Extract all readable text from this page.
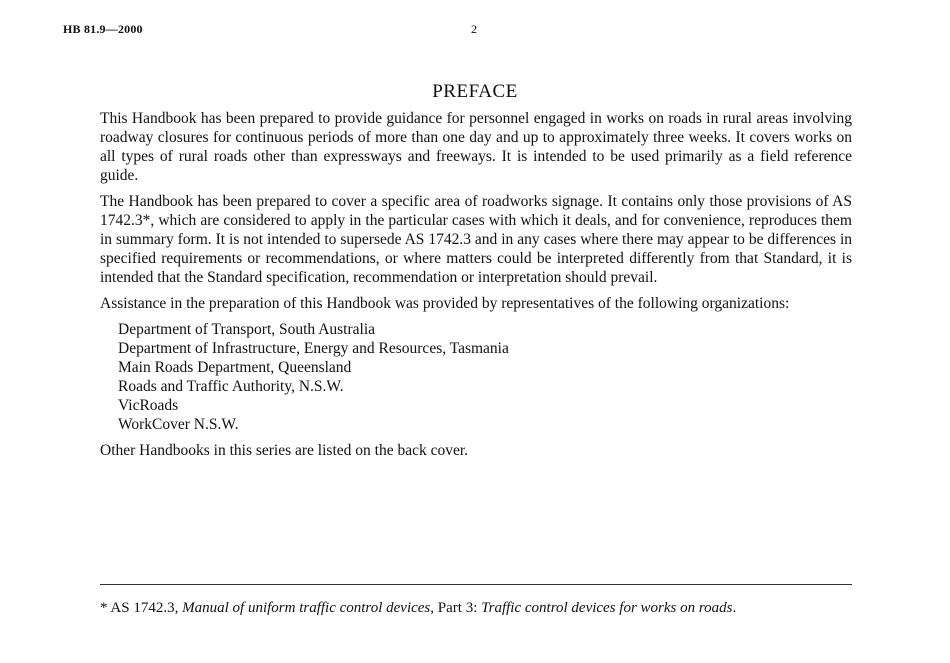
HB 81.9—2000	2
PREFACE

This Handbook has been prepared to provide guidance for personnel engaged in works on roads in rural areas involving roadway closures for continuous periods of more than one day and up to approximately three weeks. It covers works on all types of rural roads other than expressways and freeways. It is intended to be used primarily as a field reference guide.

The Handbook has been prepared to cover a specific area of roadworks signage. It contains only those provisions of AS 1742.3*, which are considered to apply in the particular cases with which it deals, and for convenience, reproduces them in summary form. It is not intended to supersede AS 1742.3 and in any cases where there may appear to be differences in specified requirements or recommendations, or where matters could be interpreted differently from that Standard, it is intended that the Standard specification, recommendation or interpretation should prevail.

Assistance in the preparation of this Handbook was provided by representatives of the following organizations:

Department of Transport, South Australia
Department of Infrastructure, Energy and Resources, Tasmania
Main Roads Department, Queensland
Roads and Traffic Authority, N.S.W.
VicRoads
WorkCover N.S.W.

Other Handbooks in this series are listed on the back cover.

* AS 1742.3, Manual of uniform traffic control devices, Part 3: Traffic control devices for works on roads.
